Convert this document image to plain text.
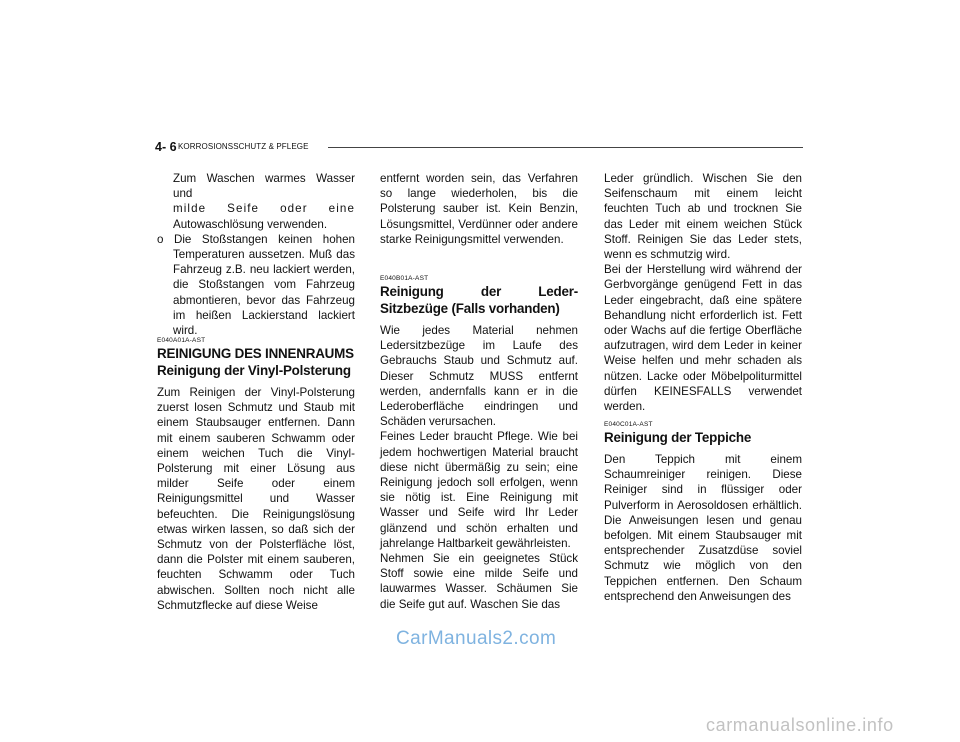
4- 6 KORROSIONSSCHUTZ & PFLEGE

Zum Waschen warmes Wasser und

milde Seife oder eine

Autowaschlösung verwenden.

o Die Stoßstangen keinen hohen Temperaturen aussetzen. Muß das Fahrzeug z.B. neu lackiert werden, die Stoßstangen vom Fahrzeug abmontieren, bevor das Fahrzeug im heißen Lackierstand lackiert wird.

E040A01A-AST

REINIGUNG DES INNENRAUMS

Reinigung der Vinyl-Polsterung

Zum Reinigen der Vinyl-Polsterung zuerst losen Schmutz und Staub mit einem Staubsauger entfernen. Dann mit einem sauberen Schwamm oder einem weichen Tuch die Vinyl-Polsterung mit einer Lösung aus milder Seife oder einem Reinigungsmittel und Wasser befeuchten. Die Reinigungslösung etwas wirken lassen, so daß sich der Schmutz von der Polsterfläche löst, dann die Polster mit einem sauberen, feuchten Schwamm oder Tuch abwischen. Sollten noch nicht alle Schmutzflecke auf diese Weise

entfernt worden sein, das Verfahren so lange wiederholen, bis die Polsterung sauber ist. Kein Benzin, Lösungsmittel, Verdünner oder andere starke Reinigungsmittel verwenden.

E040B01A-AST

Reinigung der Leder-Sitzbezüge (Falls vorhanden)

Wie jedes Material nehmen Ledersitzbezüge im Laufe des Gebrauchs Staub und Schmutz auf. Dieser Schmutz MUSS entfernt werden, andernfalls kann er in die Lederoberfläche eindringen und Schäden verursachen.

Feines Leder braucht Pflege. Wie bei jedem hochwertigen Material braucht diese nicht übermäßig zu sein; eine Reinigung jedoch soll erfolgen, wenn sie nötig ist. Eine Reinigung mit Wasser und Seife wird Ihr Leder glänzend und schön erhalten und jahrelange Haltbarkeit gewährleisten.

Nehmen Sie ein geeignetes Stück Stoff sowie eine milde Seife und lauwarmes Wasser. Schäumen Sie die Seife gut auf. Waschen Sie das

Leder gründlich. Wischen Sie den Seifenschaum mit einem leicht feuchten Tuch ab und trocknen Sie das Leder mit einem weichen Stück Stoff. Reinigen Sie das Leder stets, wenn es schmutzig wird.

Bei der Herstellung wird während der Gerbvorgänge genügend Fett in das Leder eingebracht, daß eine spätere Behandlung nicht erforderlich ist. Fett oder Wachs auf die fertige Oberfläche aufzutragen, wird dem Leder in keiner Weise helfen und mehr schaden als nützen. Lacke oder Möbelpoliturmittel dürfen KEINESFALLS verwendet werden.

E040C01A-AST

Reinigung der Teppiche

Den Teppich mit einem Schaumreiniger reinigen. Diese Reiniger sind in flüssiger oder Pulverform in Aerosoldosen erhältlich. Die Anweisungen lesen und genau befolgen. Mit einem Staubsauger mit entsprechender Zusatzdüse soviel Schmutz wie möglich von den Teppichen entfernen. Den Schaum entsprechend den Anweisungen des

CarManuals2.com
carmanualsonline.info
